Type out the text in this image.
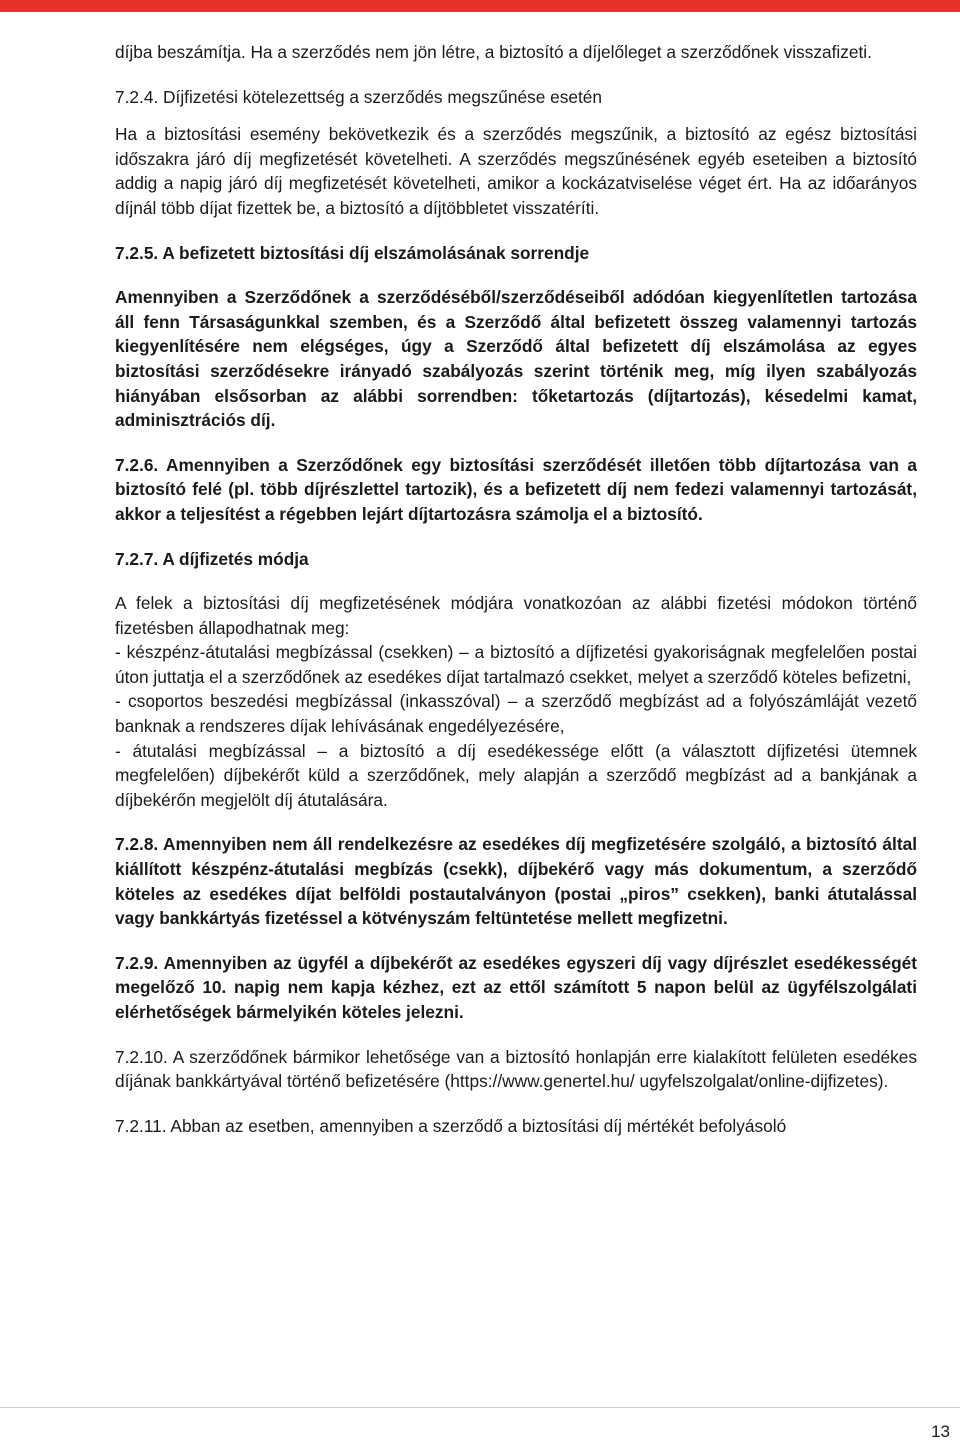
díjba beszámítja. Ha a szerződés nem jön létre, a biztosító a díjelőleget a szerződőnek visszafizeti.

7.2.4. Díjfizetési kötelezettség a szerződés megszűnése esetén

Ha a biztosítási esemény bekövetkezik és a szerződés megszűnik, a biztosító az egész biztosítási időszakra járó díj megfizetését követelheti. A szerződés megszűnésének egyéb eseteiben a biztosító addig a napig járó díj megfizetését követelheti, amikor a kockázatviselése véget ért. Ha az időarányos díjnál több díjat fizettek be, a biztosító a díjtöbbletet visszatéríti.

7.2.5. A befizetett biztosítási díj elszámolásának sorrendje

Amennyiben a Szerződőnek a szerződéséből/szerződéseiből adódóan kiegyenlítetlen tartozása áll fenn Társaságunkkal szemben, és a Szerződő által befizetett összeg valamennyi tartozás kiegyenlítésére nem elégséges, úgy a Szerződő által befizetett díj elszámolása az egyes biztosítási szerződésekre irányadó szabályozás szerint történik meg, míg ilyen szabályozás hiányában elsősorban az alábbi sorrendben: tőketartozás (díjtartozás), késedelmi kamat, adminisztrációs díj.

7.2.6. Amennyiben a Szerződőnek egy biztosítási szerződését illetően több díjtartozása van a biztosító felé (pl. több díjrészlettel tartozik), és a befizetett díj nem fedezi valamennyi tartozását, akkor a teljesítést a régebben lejárt díjtartozásra számolja el a biztosító.

7.2.7. A díjfizetés módja

A felek a biztosítási díj megfizetésének módjára vonatkozóan az alábbi fizetési módokon történő fizetésben állapodhatnak meg:

- készpénz-átutalási megbízással (csekken) – a biztosító a díjfizetési gyakoriságnak megfelelően postai úton juttatja el a szerződőnek az esedékes díjat tartalmazó csekket, melyet a szerződő köteles befizetni,

- csoportos beszedési megbízással (inkasszóval) – a szerződő megbízást ad a folyószámláját vezető banknak a rendszeres díjak lehívásának engedélyezésére,

- átutalási megbízással – a biztosító a díj esedékessége előtt (a választott díjfizetési ütemnek megfelelően) díjbekérőt küld a szerződőnek, mely alapján a szerződő megbízást ad a bankjának a díjbekérőn megjelölt díj átutalására.

7.2.8. Amennyiben nem áll rendelkezésre az esedékes díj megfizetésére szolgáló, a biztosító által kiállított készpénz-átutalási megbízás (csekk), díjbekérő vagy más dokumentum, a szerződő köteles az esedékes díjat belföldi postautalványon (postai „piros” csekken), banki átutalással vagy bankkártyás fizetéssel a kötvényszám feltüntetése mellett megfizetni.

7.2.9. Amennyiben az ügyfél a díjbekérőt az esedékes egyszeri díj vagy díjrészlet esedékességét megelőző 10. napig nem kapja kézhez, ezt az ettől számított 5 napon belül az ügyfélszolgálati elérhetőségek bármelyikén köteles jelezni.

7.2.10. A szerződőnek bármikor lehetősége van a biztosító honlapján erre kialakított felületen esedékes díjának bankkártyával történő befizetésére (https://www.genertel.hu/ ugyfelszolgalat/online-dijfizetes).

7.2.11. Abban az esetben, amennyiben a szerződő a biztosítási díj mértékét befolyásoló

13
